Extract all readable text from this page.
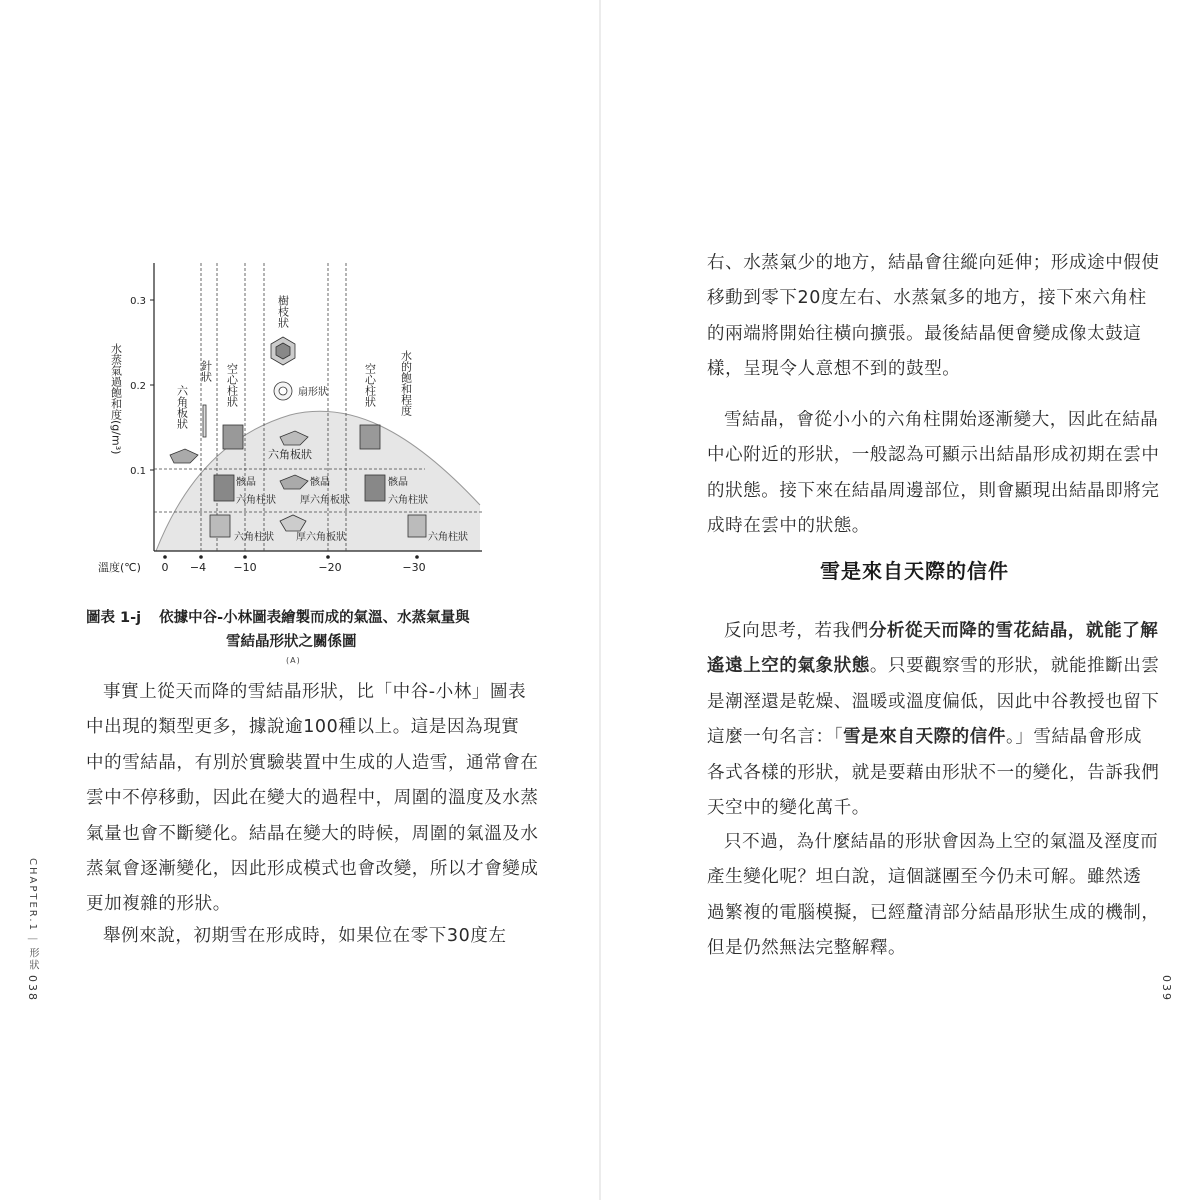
0.3
0.2
0.1
溫度(℃) 0 −4 −10	−20	−30
水蒸氣過飽和度(g/m³)
樹枝狀
針狀 空心柱狀	空心柱狀
六角板狀	水的飽和程度
扇形狀
六角板狀
骸晶
六角柱狀
骸晶
厚六角板狀
骸晶
六角柱狀
六角柱狀 厚六角板狀	六角柱狀
圖表 1-j 依據中谷-小林圖表繪製而成的氣溫、水蒸氣量與
雪結晶形狀之關係圖
(A)
事實上從天而降的雪結晶形狀，比「中谷-小林」圖表
中出現的類型更多，據說逾100種以上。這是因為現實
中的雪結晶，有別於實驗裝置中生成的人造雪，通常會在
雲中不停移動，因此在變大的過程中，周圍的溫度及水蒸
氣量也會不斷變化。結晶在變大的時候，周圍的氣溫及水
蒸氣會逐漸變化，因此形成模式也會改變，所以才會變成
更加複雜的形狀。
舉例來說，初期雪在形成時，如果位在零下30度左
CHAPTER.1 | 形狀
038	039
右、水蒸氣少的地方，結晶會往縱向延伸；形成途中假使
移動到零下20度左右、水蒸氣多的地方，接下來六角柱
的兩端將開始往橫向擴張。最後結晶便會變成像太鼓這
樣，呈現令人意想不到的鼓型。
雪結晶，會從小小的六角柱開始逐漸變大，因此在結晶
中心附近的形狀，一般認為可顯示出結晶形成初期在雲中
的狀態。接下來在結晶周邊部位，則會顯現出結晶即將完
成時在雲中的狀態。
雪是來自天際的信件
反向思考，若我們分析從天而降的雪花結晶，就能了解
遙遠上空的氣象狀態。只要觀察雪的形狀，就能推斷出雲
是潮溼還是乾燥、溫暖或溫度偏低，因此中谷教授也留下
這麼一句名言：「雪是來自天際的信件。」雪結晶會形成
各式各樣的形狀，就是要藉由形狀不一的變化，告訴我們
天空中的變化萬千。
只不過，為什麼結晶的形狀會因為上空的氣溫及溼度而
產生變化呢？坦白說，這個謎團至今仍未可解。雖然透
過繁複的電腦模擬，已經釐清部分結晶形狀生成的機制，
但是仍然無法完整解釋。
